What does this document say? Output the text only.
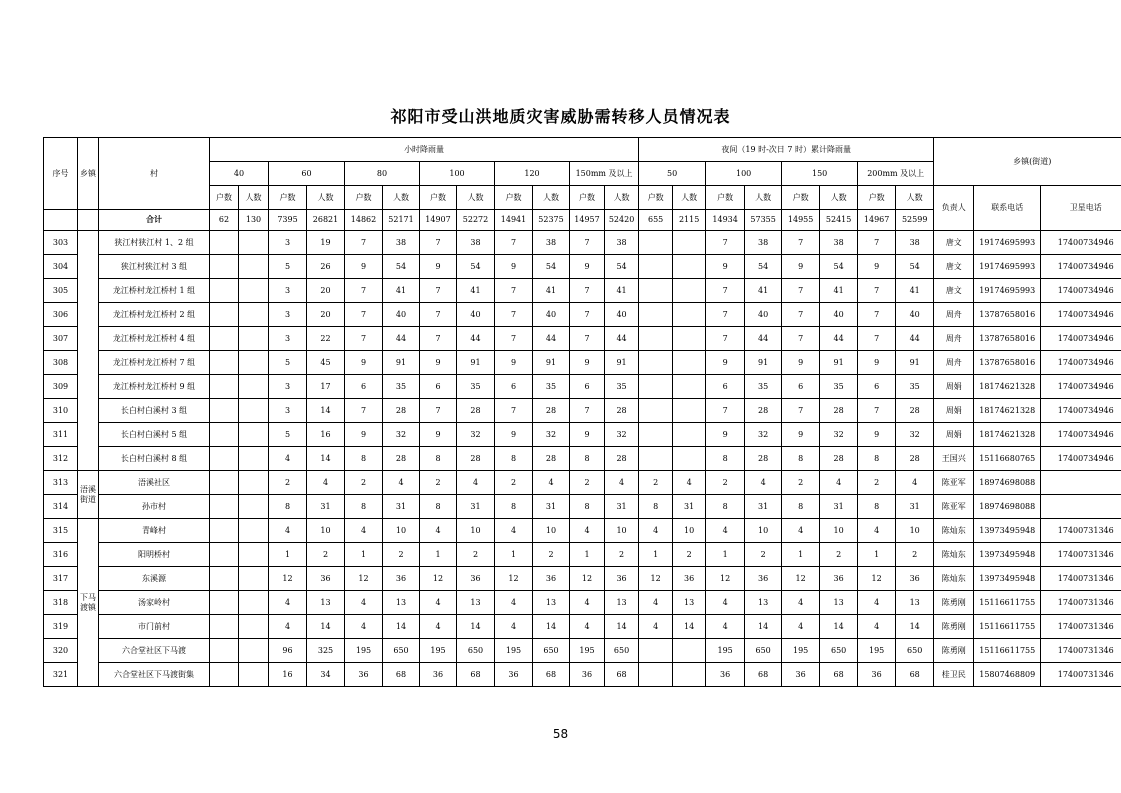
祁阳市受山洪地质灾害威胁需转移人员情况表
序号	乡镇	村	小时降雨量												夜间（19 时-次日 7 时）累计降雨量								乡镇(街道)		
			40		60		80		100		120		150mm 及以上		50		100		150		200mm 及以上				
			户数	人数	户数	人数	户数	人数	户数	人数	户数	人数	户数	人数	户数	人数	户数	人数	户数	人数	户数	人数	负责人	联系电话	卫星电话
		合计	62	130	7395	26821	14862	52171	14907	52272	14941	52375	14957	52420	655	2115	14934	57355	14955	52415	14967	52599			
303		狭江村狭江村 1、2 组			3	19	7	38	7	38	7	38	7	38			7	38	7	38	7	38	唐文	19174695993	17400734946
304		狭江村狭江村 3 组			5	26	9	54	9	54	9	54	9	54			9	54	9	54	9	54	唐文	19174695993	17400734946
305		龙江桥村龙江桥村 1 组			3	20	7	41	7	41	7	41	7	41			7	41	7	41	7	41	唐文	19174695993	17400734946
306		龙江桥村龙江桥村 2 组			3	20	7	40	7	40	7	40	7	40			7	40	7	40	7	40	周舟	13787658016	17400734946
307		龙江桥村龙江桥村 4 组			3	22	7	44	7	44	7	44	7	44			7	44	7	44	7	44	周舟	13787658016	17400734946
308		龙江桥村龙江桥村 7 组			5	45	9	91	9	91	9	91	9	91			9	91	9	91	9	91	周舟	13787658016	17400734946
309		龙江桥村龙江桥村 9 组			3	17	6	35	6	35	6	35	6	35			6	35	6	35	6	35	周娟	18174621328	17400734946
310		长白村白溪村 3 组			3	14	7	28	7	28	7	28	7	28			7	28	7	28	7	28	周娟	18174621328	17400734946
311		长白村白溪村 5 组			5	16	9	32	9	32	9	32	9	32			9	32	9	32	9	32	周娟	18174621328	17400734946
312		长白村白溪村 8 组			4	14	8	28	8	28	8	28	8	28			8	28	8	28	8	28	王国兴	15116680765	17400734946
313	浯溪街道	浯溪社区			2	4	2	4	2	4	2	4	2	4	2	4	2	4	2	4	2	4	陈亚军	18974698088	
314		孙市村			8	31	8	31	8	31	8	31	8	31	8	31	8	31	8	31	8	31	陈亚军	18974698088	
315	下马渡镇	青峰村			4	10	4	10	4	10	4	10	4	10	4	10	4	10	4	10	4	10	陈灿东	13973495948	17400731346
316		阳明桥村			1	2	1	2	1	2	1	2	1	2	1	2	1	2	1	2	1	2	陈灿东	13973495948	17400731346
317		东溪源			12	36	12	36	12	36	12	36	12	36	12	36	12	36	12	36	12	36	陈灿东	13973495948	17400731346
318		汤家岭村			4	13	4	13	4	13	4	13	4	13	4	13	4	13	4	13	4	13	陈勇刚	15116611755	17400731346
319		市门前村			4	14	4	14	4	14	4	14	4	14	4	14	4	14	4	14	4	14	陈勇刚	15116611755	17400731346
320		六合堂社区下马渡			96	325	195	650	195	650	195	650	195	650			195	650	195	650	195	650	陈勇刚	15116611755	17400731346
321		六合堂社区下马渡街集			16	34	36	68	36	68	36	68	36	68			36	68	36	68	36	68	桂卫民	15807468809	17400731346
58
